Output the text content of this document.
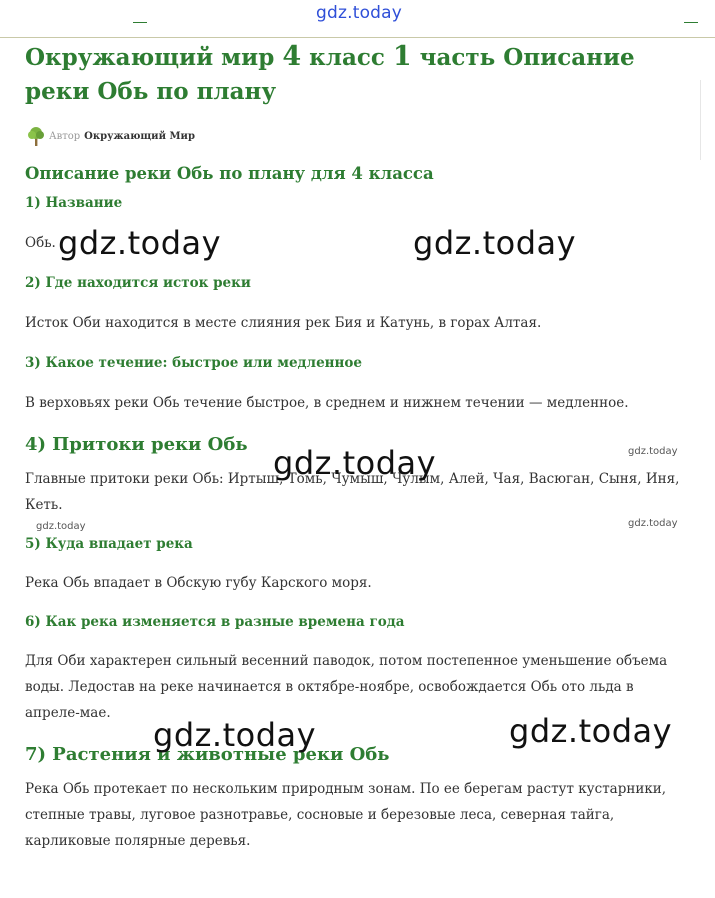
gdz.today
Окружающий мир 4 класс 1 часть Описание реки Обь по плану
Автор Окружающий Мир
Описание реки Обь по плану для 4 класса
1) Название

Обь.

2) Где находится исток реки

Исток Оби находится в месте слияния рек Бия и Катунь, в горах Алтая.

3) Какое течение: быстрое или медленное

В верховьях реки Обь течение быстрое, в среднем и нижнем течении — медленное.

4) Притоки реки Обь

Главные притоки реки Обь: Иртыш, Томь, Чумыш, Чулым, Алей, Чая, Васюган, Сыня, Иня, Кеть.

5) Куда впадает река

Река Обь впадает в Обскую губу Карского моря.

6) Как река изменяется в разные времена года

Для Оби характерен сильный весенний паводок, потом постепенное уменьшение объема воды. Ледостав на реке начинается в октябре-ноябре, освобождается Обь ото льда в апреле-мае.

7) Растения и животные реки Обь

Река Обь протекает по нескольким природным зонам. По ее берегам растут кустарники, степные травы, луговое разнотравье, сосновые и березовые леса, северная тайга, карликовые полярные деревья.

gdz.today	gdz.today
gdz.today
gdz.today	gdz.today
gdz.today
gdz.today	gdz.today
